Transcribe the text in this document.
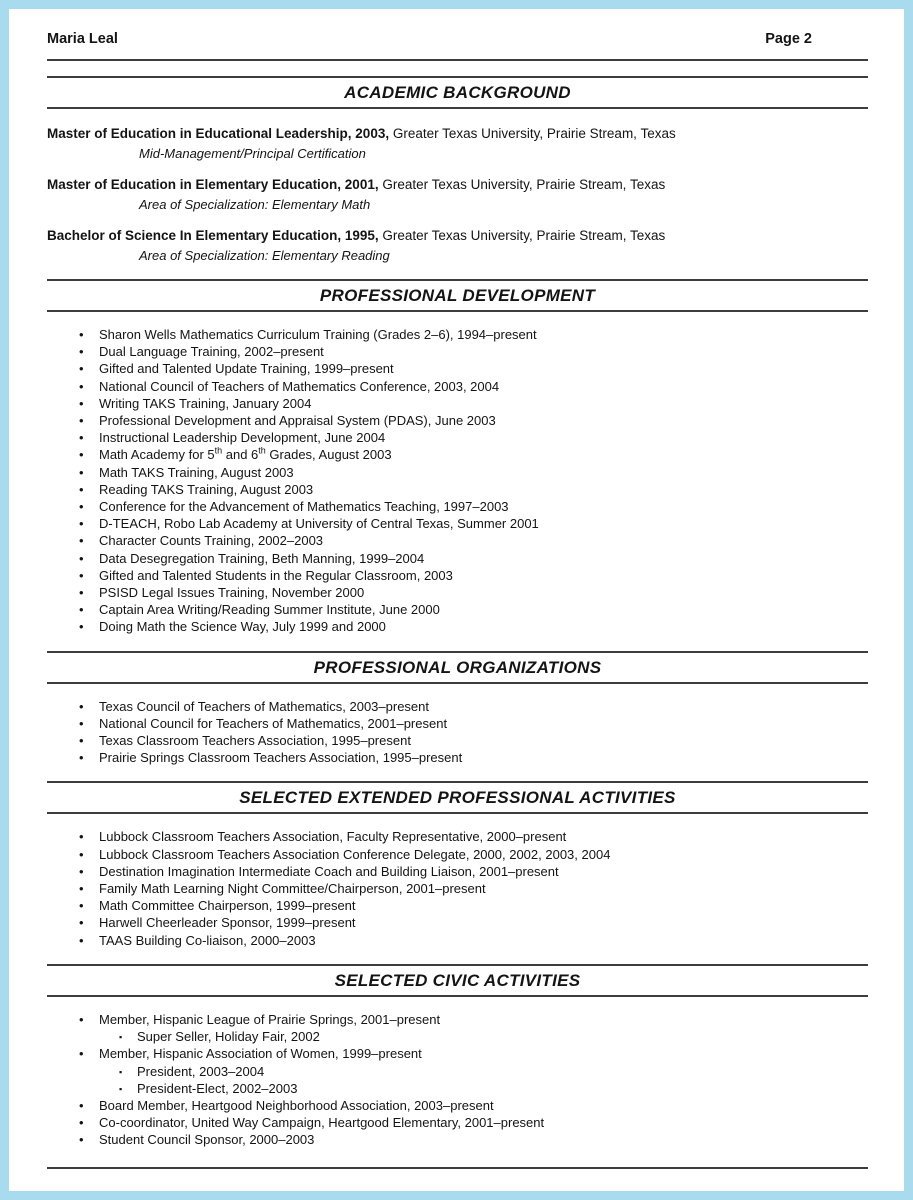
Maria Leal	Page 2
ACADEMIC BACKGROUND

Master of Education in Educational Leadership, 2003, Greater Texas University, Prairie Stream, Texas

Mid-Management/Principal Certification

Master of Education in Elementary Education, 2001, Greater Texas University, Prairie Stream, Texas

Area of Specialization: Elementary Math

Bachelor of Science In Elementary Education, 1995, Greater Texas University, Prairie Stream, Texas

Area of Specialization: Elementary Reading

PROFESSIONAL DEVELOPMENT
• Sharon Wells Mathematics Curriculum Training (Grades 2–6), 1994–present
• Dual Language Training, 2002–present
• Gifted and Talented Update Training, 1999–present
• National Council of Teachers of Mathematics Conference, 2003, 2004
• Writing TAKS Training, January 2004
• Professional Development and Appraisal System (PDAS), June 2003
• Instructional Leadership Development, June 2004
• Math Academy for 5th and 6th Grades, August 2003
• Math TAKS Training, August 2003
• Reading TAKS Training, August 2003
• Conference for the Advancement of Mathematics Teaching, 1997–2003
• D-TEACH, Robo Lab Academy at University of Central Texas, Summer 2001
• Character Counts Training, 2002–2003
• Data Desegregation Training, Beth Manning, 1999–2004
• Gifted and Talented Students in the Regular Classroom, 2003
• PSISD Legal Issues Training, November 2000
• Captain Area Writing/Reading Summer Institute, June 2000
• Doing Math the Science Way, July 1999 and 2000
PROFESSIONAL ORGANIZATIONS
• Texas Council of Teachers of Mathematics, 2003–present
• National Council for Teachers of Mathematics, 2001–present
• Texas Classroom Teachers Association, 1995–present
• Prairie Springs Classroom Teachers Association, 1995–present
SELECTED EXTENDED PROFESSIONAL ACTIVITIES
• Lubbock Classroom Teachers Association, Faculty Representative, 2000–present
• Lubbock Classroom Teachers Association Conference Delegate, 2000, 2002, 2003, 2004
• Destination Imagination Intermediate Coach and Building Liaison, 2001–present
• Family Math Learning Night Committee/Chairperson, 2001–present
• Math Committee Chairperson, 1999–present
• Harwell Cheerleader Sponsor, 1999–present
• TAAS Building Co-liaison, 2000–2003
SELECTED CIVIC ACTIVITIES
• Member, Hispanic League of Prairie Springs, 2001–present
▪ Super Seller, Holiday Fair, 2002
• Member, Hispanic Association of Women, 1999–present
▪ President, 2003–2004
▪ President-Elect, 2002–2003
• Board Member, Heartgood Neighborhood Association, 2003–present
• Co-coordinator, United Way Campaign, Heartgood Elementary, 2001–present
• Student Council Sponsor, 2000–2003
